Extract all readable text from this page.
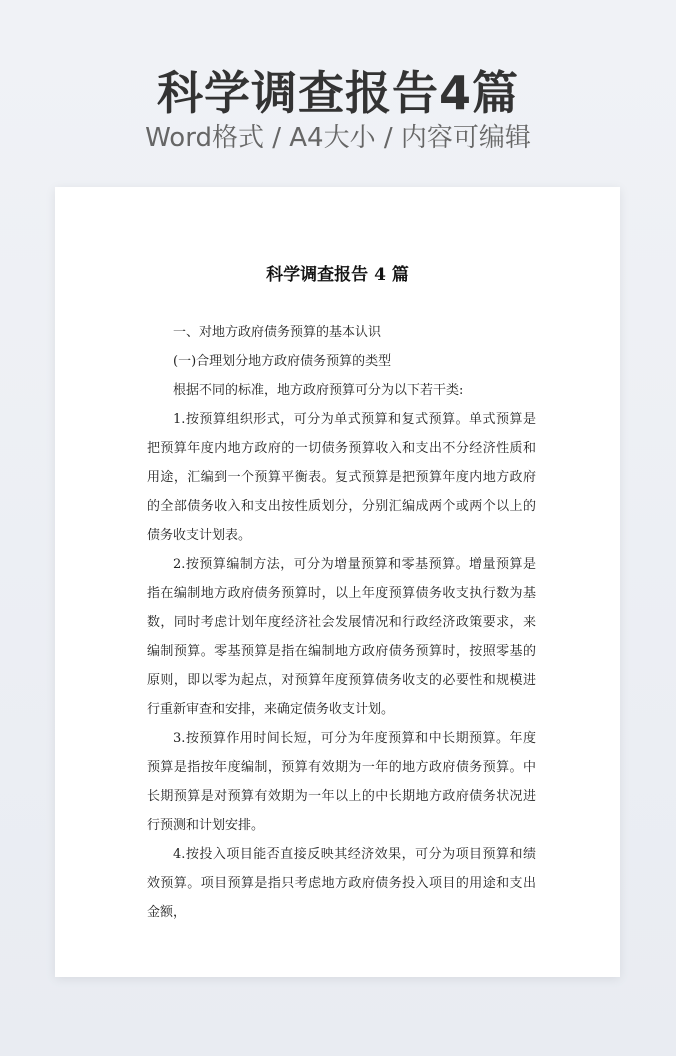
科学调查报告4篇
Word格式 / A4大小 / 内容可编辑
科学调查报告 4 篇

一、对地方政府债务预算的基本认识

(一)合理划分地方政府债务预算的类型

根据不同的标准，地方政府预算可分为以下若干类:

1.按预算组织形式，可分为单式预算和复式预算。单式预算是把预算年度内地方政府的一切债务预算收入和支出不分经济性质和用途，汇编到一个预算平衡表。复式预算是把预算年度内地方政府的全部债务收入和支出按性质划分，分别汇编成两个或两个以上的债务收支计划表。

2.按预算编制方法，可分为增量预算和零基预算。增量预算是指在编制地方政府债务预算时，以上年度预算债务收支执行数为基数，同时考虑计划年度经济社会发展情况和行政经济政策要求，来编制预算。零基预算是指在编制地方政府债务预算时，按照零基的原则，即以零为起点，对预算年度预算债务收支的必要性和规模进行重新审查和安排，来确定债务收支计划。

3.按预算作用时间长短，可分为年度预算和中长期预算。年度预算是指按年度编制，预算有效期为一年的地方政府债务预算。中长期预算是对预算有效期为一年以上的中长期地方政府债务状况进行预测和计划安排。

4.按投入项目能否直接反映其经济效果，可分为项目预算和绩效预算。项目预算是指只考虑地方政府债务投入项目的用途和支出金额，
